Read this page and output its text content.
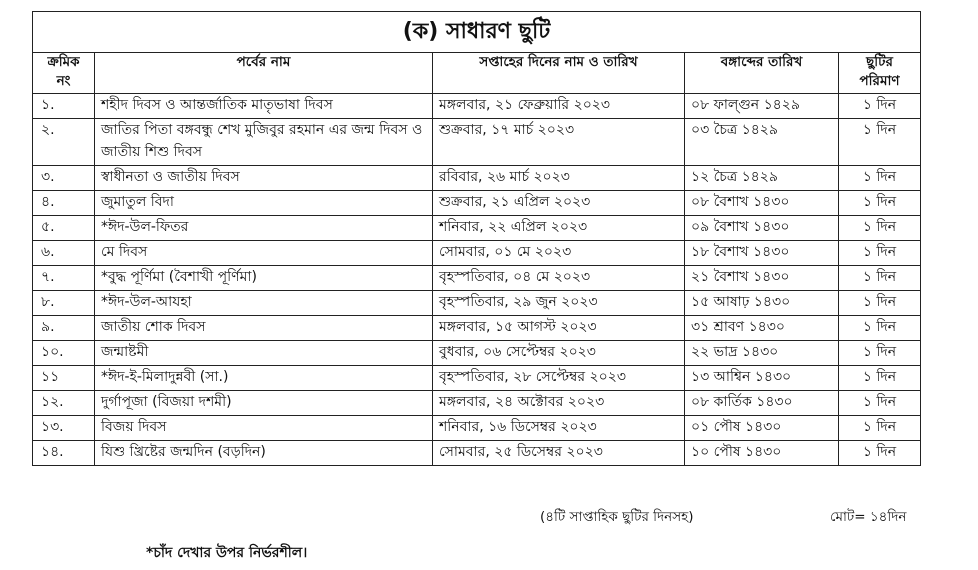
(ক) সাধারণ ছুটি				
ক্রমিক নং	পর্বের নাম	সপ্তাহের দিনের নাম ও তারিখ	বঙ্গাব্দের তারিখ	ছুটির পরিমাণ
১.	শহীদ দিবস ও আন্তর্জাতিক মাতৃভাষা দিবস	মঙ্গলবার, ২১ ফেব্রুয়ারি ২০২৩	০৮ ফাল্গুন ১৪২৯	১ দিন
২.	জাতির পিতা বঙ্গবন্ধু শেখ মুজিবুর রহমান এর জন্ম দিবস ও জাতীয় শিশু দিবস	শুক্রবার, ১৭ মার্চ ২০২৩	০৩ চৈত্র ১৪২৯	১ দিন
৩.	স্বাধীনতা ও জাতীয় দিবস	রবিবার, ২৬ মার্চ ২০২৩	১২ চৈত্র ১৪২৯	১ দিন
৪.	জুমাতুল বিদা	শুক্রবার, ২১ এপ্রিল ২০২৩	০৮ বৈশাখ ১৪৩০	১ দিন
৫.	*ঈদ-উল-ফিতর	শনিবার, ২২ এপ্রিল ২০২৩	০৯ বৈশাখ ১৪৩০	১ দিন
৬.	মে দিবস	সোমবার, ০১ মে ২০২৩	১৮ বৈশাখ ১৪৩০	১ দিন
৭.	*বুদ্ধ পূর্ণিমা (বৈশাখী পূর্ণিমা)	বৃহস্পতিবার, ০৪ মে ২০২৩	২১ বৈশাখ ১৪৩০	১ দিন
৮.	*ঈদ-উল-আযহা	বৃহস্পতিবার, ২৯ জুন ২০২৩	১৫ আষাঢ় ১৪৩০	১ দিন
৯.	জাতীয় শোক দিবস	মঙ্গলবার, ১৫ আগস্ট ২০২৩	৩১ শ্রাবণ ১৪৩০	১ দিন
১০.	জন্মাষ্টমী	বুধবার, ০৬ সেপ্টেম্বর ২০২৩	২২ ভাদ্র ১৪৩০	১ দিন
১১	*ঈদ-ই-মিলাদুন্নবী (সা.)	বৃহস্পতিবার, ২৮ সেপ্টেম্বর ২০২৩	১৩ আশ্বিন ১৪৩০	১ দিন
১২.	দুর্গাপূজা (বিজয়া দশমী)	মঙ্গলবার, ২৪ অক্টোবর ২০২৩	০৮ কার্তিক ১৪৩০	১ দিন
১৩.	বিজয় দিবস	শনিবার, ১৬ ডিসেম্বর ২০২৩	০১ পৌষ ১৪৩০	১ দিন
১৪.	যিশু খ্রিষ্টের জন্মদিন (বড়দিন)	সোমবার, ২৫ ডিসেম্বর ২০২৩	১০ পৌষ ১৪৩০	১ দিন
(৪টি সাপ্তাহিক ছুটির দিনসহ)	মোট= ১৪দিন
*চাঁদ দেখার উপর নির্ভরশীল।
